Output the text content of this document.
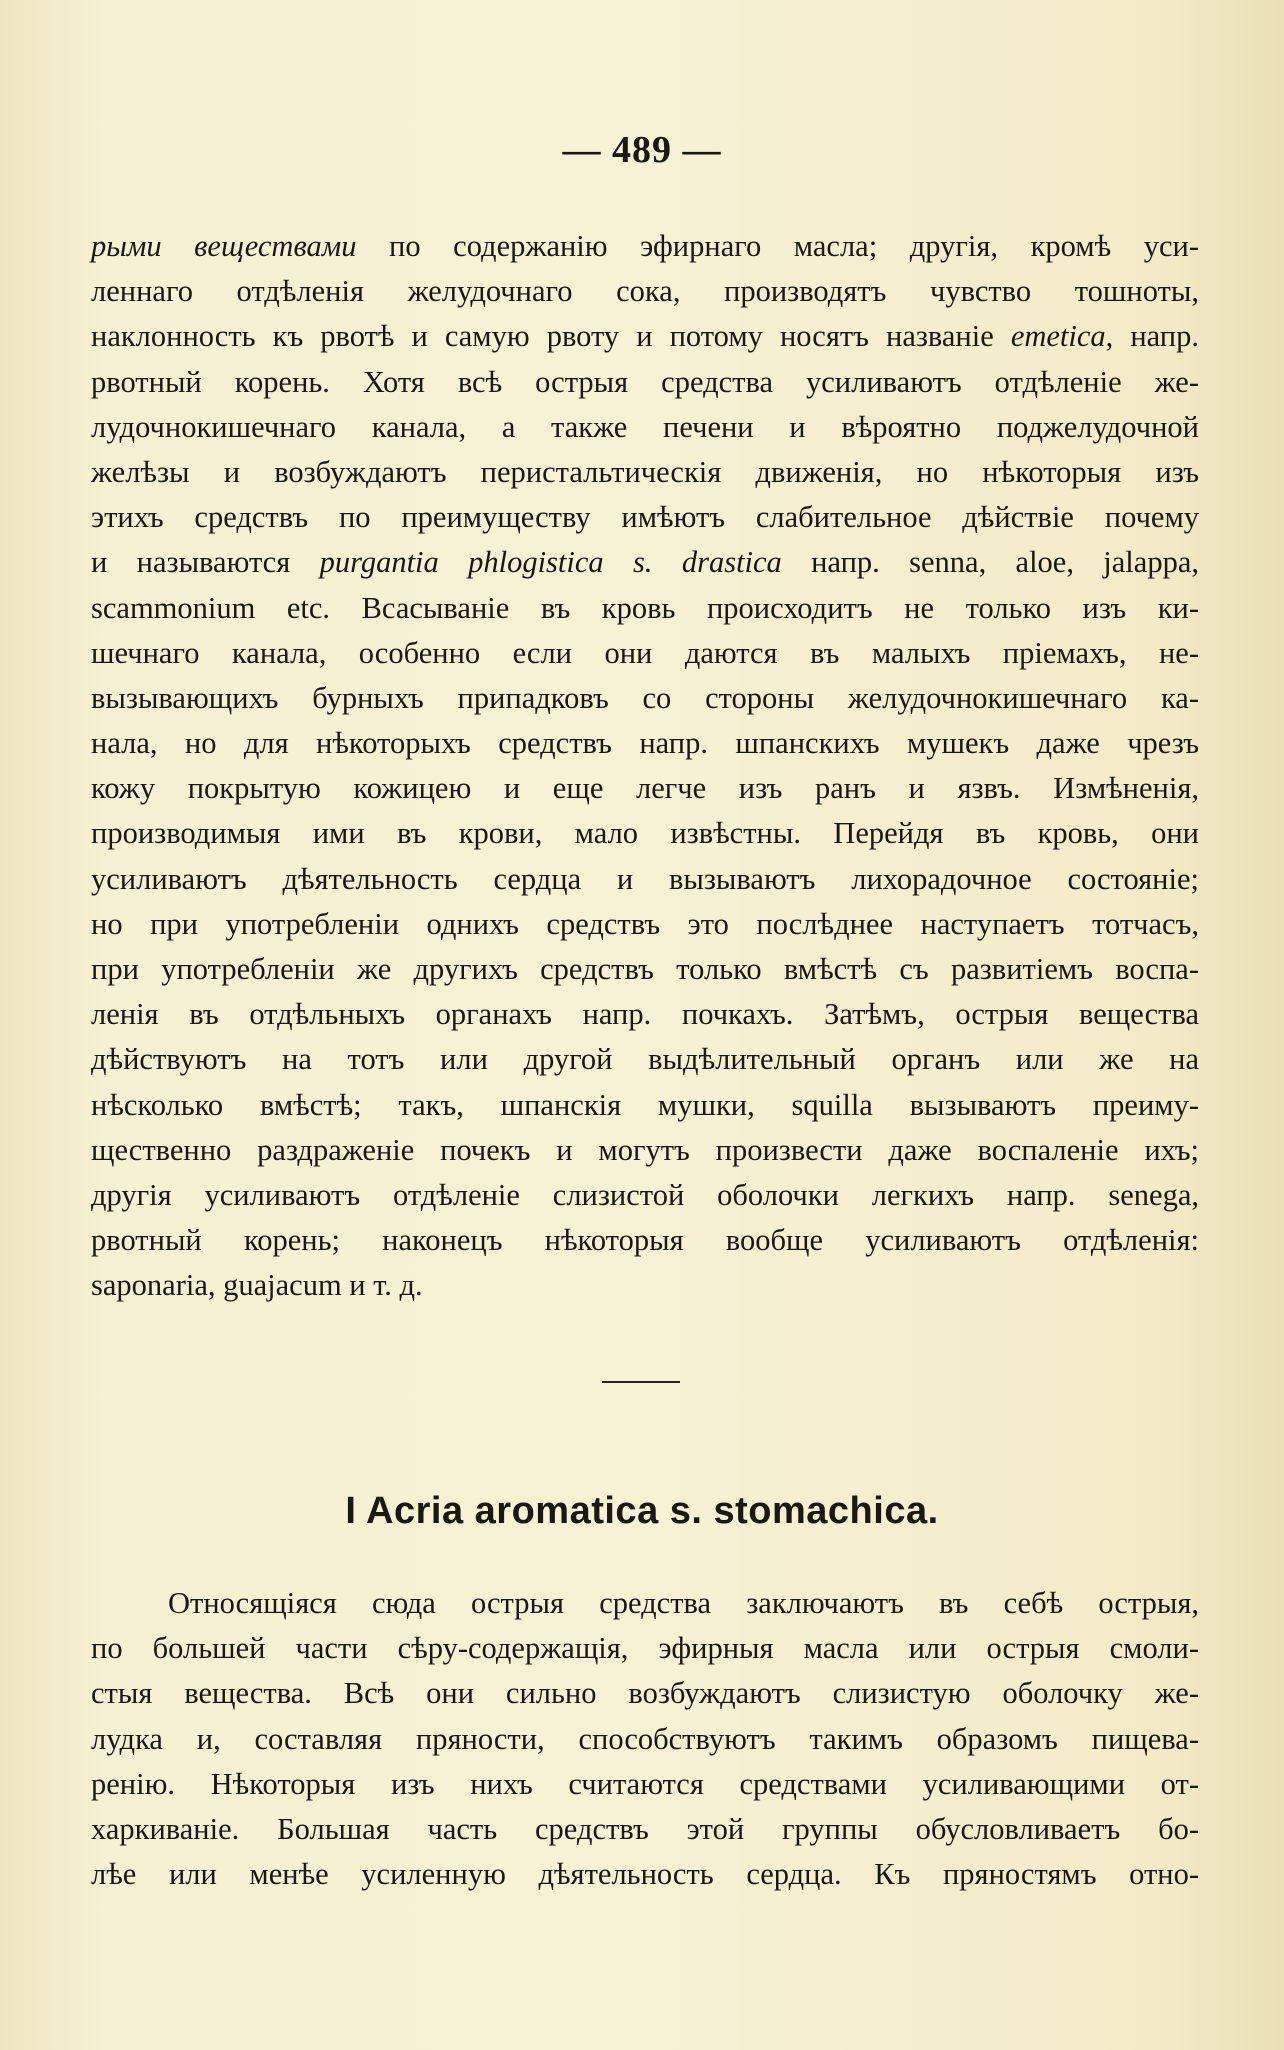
— 489 —
рыми веществами по содержанію эфирнаго масла; другія, кромѣ уси-
леннаго отдѣленія желудочнаго сока, производятъ чувство тошноты,
наклонность къ рвотѣ и самую рвоту и потому носятъ названіе emetica, напр.
рвотный корень. Хотя всѣ острыя средства усиливаютъ отдѣленіе же-
лудочнокишечнаго канала, а также печени и вѣроятно поджелудочной
желѣзы и возбуждаютъ перистальтическія движенія, но нѣкоторыя изъ
этихъ средствъ по преимуществу имѣютъ слабительное дѣйствіе почему
и называются purgantia phlogistica s. drastica напр. senna, aloe, jalappa,
scammonium etc. Всасываніе въ кровь происходитъ не только изъ ки-
шечнаго канала, особенно если они даются въ малыхъ пріемахъ, не-
вызывающихъ бурныхъ припадковъ со стороны желудочнокишечнаго ка-
нала, но для нѣкоторыхъ средствъ напр. шпанскихъ мушекъ даже чрезъ
кожу покрытую кожицею и еще легче изъ ранъ и язвъ. Измѣненія,
производимыя ими въ крови, мало извѣстны. Перейдя въ кровь, они
усиливаютъ дѣятельность сердца и вызываютъ лихорадочное состояніе;
но при употребленіи однихъ средствъ это послѣднее наступаетъ тотчасъ,
при употребленіи же другихъ средствъ только вмѣстѣ съ развитіемъ воспа-
ленія въ отдѣльныхъ органахъ напр. почкахъ. Затѣмъ, острыя вещества
дѣйствуютъ на тотъ или другой выдѣлительный органъ или же на
нѣсколько вмѣстѣ; такъ, шпанскія мушки, squilla вызываютъ преиму-
щественно раздраженіе почекъ и могутъ произвести даже воспаленіе ихъ;
другія усиливаютъ отдѣленіе слизистой оболочки легкихъ напр. senega,
рвотный корень; наконецъ нѣкоторыя вообще усиливаютъ отдѣленія:
saponaria, guajacum и т. д.
I Acria aromatica s. stomachica.
Относящіяся сюда острыя средства заключаютъ въ себѣ острыя,
по большей части сѣру-содержащія, эфирныя масла или острыя смоли-
стыя вещества. Всѣ они сильно возбуждаютъ слизистую оболочку же-
лудка и, составляя пряности, способствуютъ такимъ образомъ пищева-
ренію. Нѣкоторыя изъ нихъ считаются средствами усиливающими от-
харкиваніе. Большая часть средствъ этой группы обусловливаетъ бо-
лѣе или менѣе усиленную дѣятельность сердца. Къ пряностямъ отно-
